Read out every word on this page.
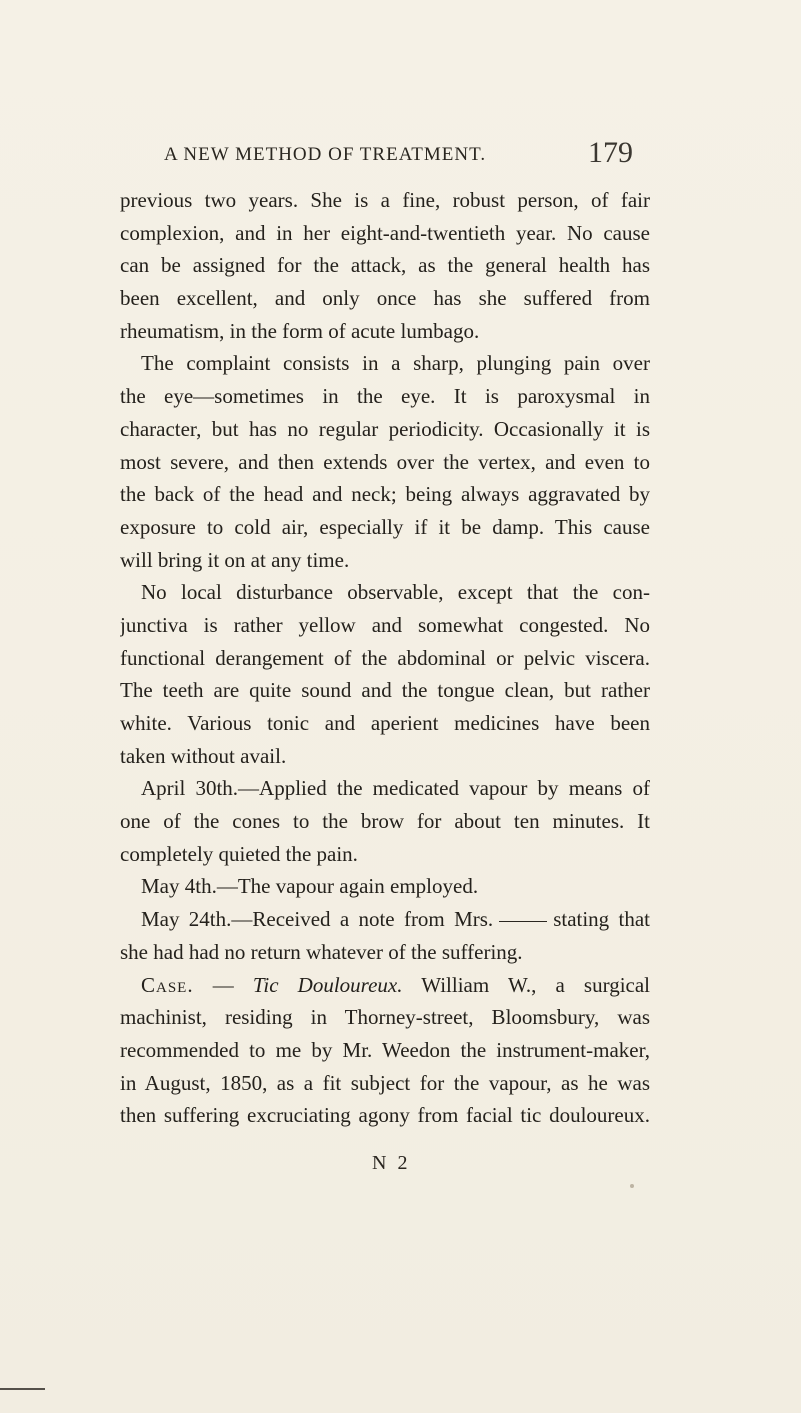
A NEW METHOD OF TREATMENT.	179
previous two years. She is a fine, robust person, of fair
complexion, and in her eight-and-twentieth year. No cause
can be assigned for the attack, as the general health has
been excellent, and only once has she suffered from
rheumatism, in the form of acute lumbago.
The complaint consists in a sharp, plunging pain over
the eye—sometimes in the eye. It is paroxysmal in
character, but has no regular periodicity. Occasionally it is
most severe, and then extends over the vertex, and even to
the back of the head and neck; being always aggravated by
exposure to cold air, especially if it be damp. This cause
will bring it on at any time.
No local disturbance observable, except that the con-
junctiva is rather yellow and somewhat congested. No
functional derangement of the abdominal or pelvic viscera.
The teeth are quite sound and the tongue clean, but rather
white. Various tonic and aperient medicines have been
taken without avail.
April 30th.—Applied the medicated vapour by means of
one of the cones to the brow for about ten minutes. It
completely quieted the pain.
May 4th.—The vapour again employed.
May 24th.—Received a note from Mrs.	stating that
she had had no return whatever of the suffering.
Case. — Tic Douloureux. William W., a surgical
machinist, residing in Thorney-street, Bloomsbury, was
recommended to me by Mr. Weedon the instrument-maker,
in August, 1850, as a fit subject for the vapour, as he was
then suffering excruciating agony from facial tic douloureux.
N 2
